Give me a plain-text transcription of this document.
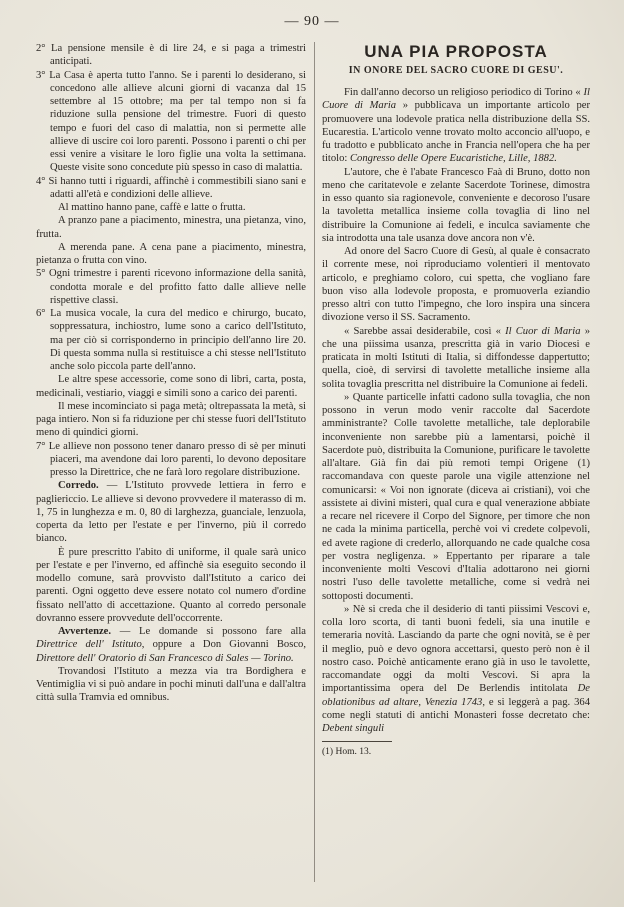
— 90 —

2° La pensione mensile è di lire 24, e si paga a trimestri anticipati.

3° La Casa è aperta tutto l'anno. Se i parenti lo desiderano, si concedono alle allieve alcuni giorni di vacanza dal 15 settembre al 15 ottobre; ma per tal tempo non si fa riduzione sulla pensione del trimestre. Fuori di questo tempo e fuori del caso di malattia, non si permette alle allieve di uscire coi loro parenti. Possono i parenti o chi per essi venire a visitare le loro figlie una volta la settimana. Queste visite sono concedute più spesso in caso di malattia.

4° Si hanno tutti i riguardi, affinchè i commestibili siano sani e adatti all'età e condizioni delle allieve.

Al mattino hanno pane, caffè e latte o frutta.

A pranzo pane a piacimento, minestra, una pietanza, vino, frutta.

A merenda pane. A cena pane a piacimento, minestra, pietanza o frutta con vino.

5° Ogni trimestre i parenti ricevono informazione della sanità, condotta morale e del profitto fatto dalle allieve nelle rispettive classi.

6° La musica vocale, la cura del medico e chirurgo, bucato, soppressatura, inchiostro, lume sono a carico dell'Istituto, ma per ciò si corrisponderno in principio dell'anno lire 20. Di questa somma nulla si restituisce a chi stesse nell'Istituto anche solo piccola parte dell'anno.

Le altre spese accessorie, come sono di libri, carta, posta, medicinali, vestiario, viaggi e simili sono a carico dei parenti.

Il mese incominciato si paga metà; oltrepassata la metà, si paga intiero. Non si fa riduzione per chi stesse fuori dell'Istituto meno di quindici giorni.

7° Le allieve non possono tener danaro presso di sè per minuti piaceri, ma avendone dai loro parenti, lo devono depositare presso la Direttrice, che ne farà loro regolare distribuzione.

Corredo. — L'Istituto provvede lettiera in ferro e pagliericcio. Le allieve si devono provvedere il materasso di m. 1, 75 in lunghezza e m. 0, 80 di larghezza, guanciale, lenzuola, coperta da letto per l'estate e per l'inverno, più il corredo bianco.

È pure prescritto l'abito di uniforme, il quale sarà unico per l'estate e per l'inverno, ed affinchè sia eseguito secondo il modello comune, sarà provvisto dall'Istituto a carico dei parenti. Ogni oggetto deve essere notato col numero d'ordine fissato nell'atto di accettazione. Quanto al corredo personale dovranno essere provvedute dell'occorrente.

Avvertenze. — Le domande si possono fare alla Direttrice dell' Istituto, oppure a Don Giovanni Bosco, Direttore dell' Oratorio di San Francesco di Sales — Torino.

Trovandosi l'Istituto a mezza via tra Bordighera e Ventimiglia vi si può andare in pochi minuti dall'una e dall'altra città sulla Tramvia ed omnibus.

UNA PIA PROPOSTA
IN ONORE DEL SACRO CUORE DI GESU'.

Fin dall'anno decorso un religioso periodico di Torino « Il Cuore di Maria » pubblicava un importante articolo per promuovere una lodevole pratica nella distribuzione della SS. Eucarestia. L'articolo venne trovato molto acconcio all'uopo, e fu tradotto e pubblicato anche in Francia nell'opera che ha per titolo: Congresso delle Opere Eucaristiche, Lille, 1882.

L'autore, che è l'abate Francesco Faà di Bruno, dotto non meno che caritatevole e zelante Sacerdote Torinese, dimostra in esso quanto sia ragionevole, conveniente e decoroso l'usare la tavoletta metallica insieme colla tovaglia di lino nel distribuire la Comunione ai fedeli, e inculca saviamente che sia introdotta una tale usanza dove ancora non v'è.

Ad onore del Sacro Cuore di Gesù, al quale è consacrato il corrente mese, noi riproduciamo volentieri il mentovato articolo, e preghiamo coloro, cui spetta, che vogliano fare buon viso alla lodevole proposta, e promuoverla eziandio presso altri con tutto l'impegno, che loro inspira una sincera divozione verso il SS. Sacramento.

« Sarebbe assai desiderabile, così « Il Cuor di Maria » che una piissima usanza, prescritta già in vario Diocesi e praticata in molti Istituti di Italia, si diffondesse dappertutto; quella, cioè, di servirsi di tavolette metalliche insieme alla solita tovaglia prescritta nel distribuire la Comunione ai fedeli.

» Quante particelle infatti cadono sulla tovaglia, che non possono in verun modo venir raccolte dal Sacerdote amministrante? Colle tavolette metalliche, tale deplorabile inconveniente non sarebbe più a lamentarsi, poichè il Sacerdote può, distribuita la Comunione, purificare le tavolette all'altare. Già fin dai più remoti tempi Origene (1) raccomandava con queste parole una vigile attenzione nel comunicarsi: « Voi non ignorate (diceva ai cristiani), voi che assistete ai divini misteri, qual cura e qual venerazione abbiate a recare nel ricevere il Corpo del Signore, per timore che non ne cada la minima particella, perchè voi vi credete colpevoli, ed avete ragione di crederlo, allorquando ne cade qualche cosa per vostra negligenza. » Eppertanto per riparare a tale inconveniente molti Vescovi d'Italia adottarono nei giorni nostri l'uso delle tavolette metalliche, come si vedrà nei sottoposti documenti.

» Nè si creda che il desiderio di tanti piissimi Vescovi e, colla loro scorta, di tanti buoni fedeli, sia una inutile e temeraria novità. Lasciando da parte che ogni novità, se è per il meglio, può e devo ognora accettarsi, questo però non è il nostro caso. Poichè anticamente erano già in uso le tavolette, raccomandate oggi da molti Vescovi. Si apra la importantissima opera del De Berlendis intitolata De oblationibus ad altare, Venezia 1743, e si leggerà a pag. 364 come negli statuti di antichi Monasteri fosse decretato che: Debent singuli

(1) Hom. 13.
